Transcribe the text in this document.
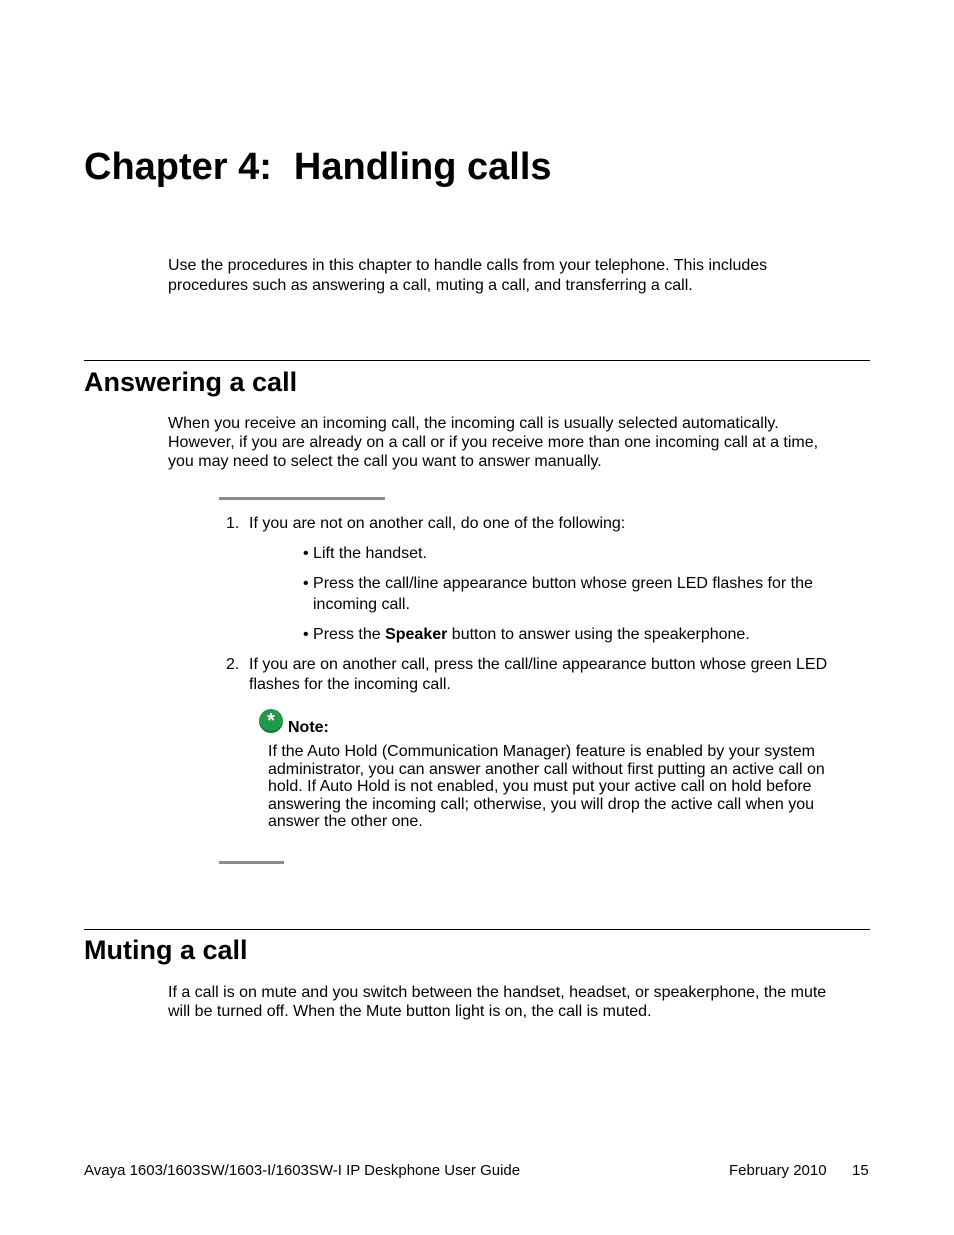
Chapter 4: Handling calls

Use the procedures in this chapter to handle calls from your telephone. This includes

procedures such as answering a call, muting a call, and transferring a call.

Answering a call

When you receive an incoming call, the incoming call is usually selected automatically.

However, if you are already on a call or if you receive more than one incoming call at a time,

you may need to select the call you want to answer manually.

1. If you are not on another call, do one of the following:
• Lift the handset.
• Press the call/line appearance button whose green LED flashes for the
incoming call.
• Press the Speaker button to answer using the speakerphone.
2. If you are on another call, press the call/line appearance button whose green LED
flashes for the incoming call.
* Note:

If the Auto Hold (Communication Manager) feature is enabled by your system

administrator, you can answer another call without first putting an active call on

hold. If Auto Hold is not enabled, you must put your active call on hold before

answering the incoming call; otherwise, you will drop the active call when you

answer the other one.

Muting a call

If a call is on mute and you switch between the handset, headset, or speakerphone, the mute

will be turned off. When the Mute button light is on, the call is muted.

Avaya 1603/1603SW/1603-I/1603SW-I IP Deskphone User Guide	February 2010 15
